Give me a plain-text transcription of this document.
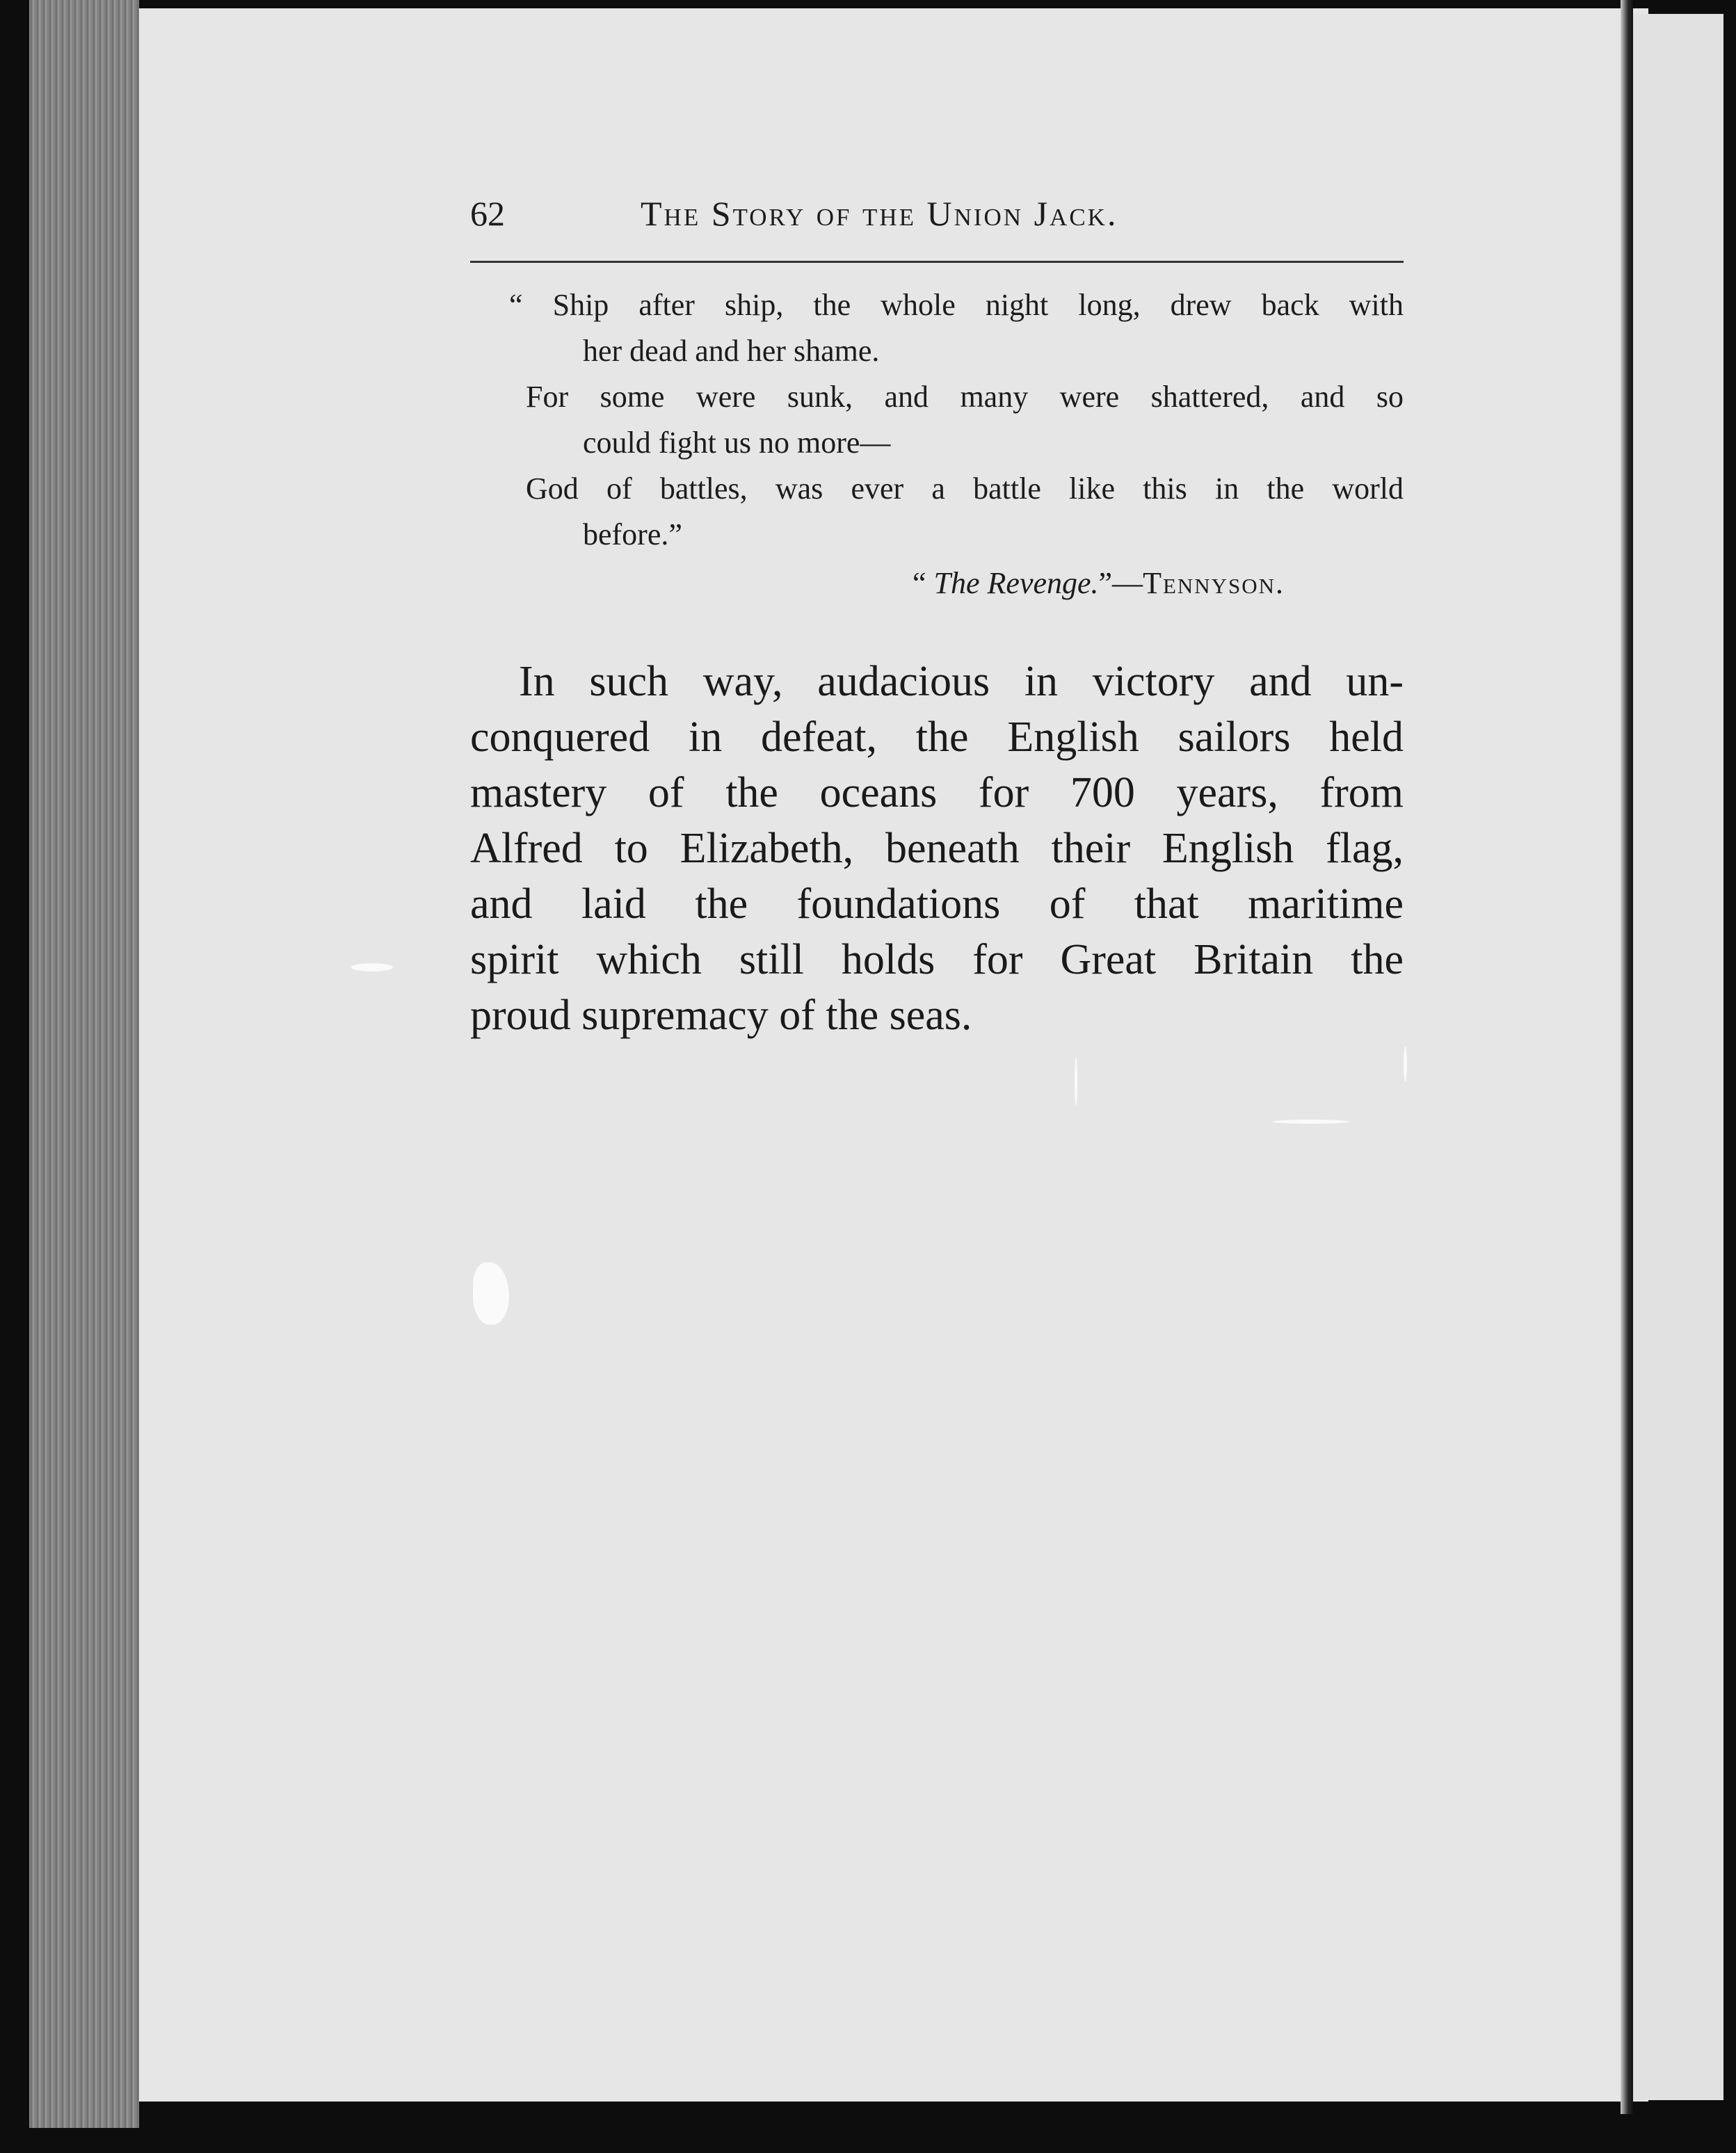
62	The Story of the Union Jack.
“ Ship after ship, the whole night long, drew back with
her dead and her shame.
For some were sunk, and many were shattered, and so
could fight us no more—
God of battles, was ever a battle like this in the world
before.”
“ The Revenge.”—Tennyson.
In such way, audacious in victory and un-
conquered in defeat, the English sailors held
mastery of the oceans for 700 years, from
Alfred to Elizabeth, beneath their English flag,
and laid the foundations of that maritime
spirit which still holds for Great Britain the
proud supremacy of the seas.
